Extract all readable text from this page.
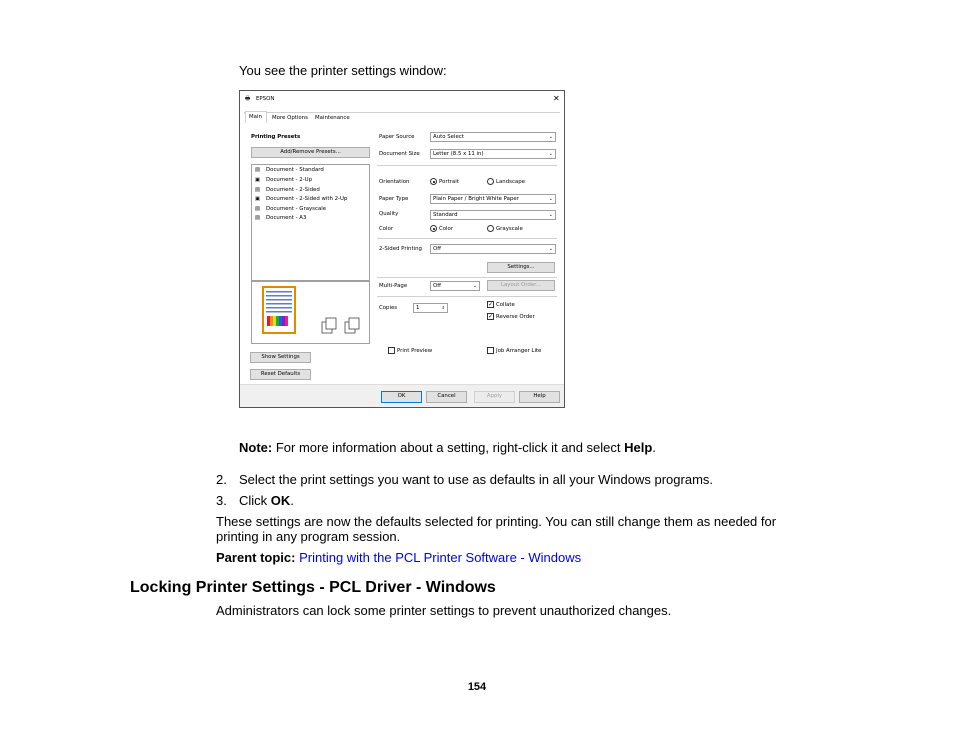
You see the printer settings window:
🖶 EPSON	✕
Main More Options Maintenance
Printing Presets
Add/Remove Presets...
▤ Document - Standard
▣ Document - 2-Up
▤ Document - 2-Sided
▣ Document - 2-Sided with 2-Up
▤ Document - Grayscale
▤ Document - A3
Show Settings
Reset Defaults
Paper Source	Auto Select	⌄
Document Size	Letter (8.5 x 11 in)	⌄
Orientation	Portrait	Landscape
Paper Type	Plain Paper / Bright White Paper	⌄
Quality	Standard	⌄
Color	Color	Grayscale
2-Sided Printing	Off	⌄
Settings...
Multi-Page	Off	⌄	Layout Order...
Copies	1	⇕	✓ Collate
✓ Reverse Order
Print Preview	Job Arranger Lite
OK	Cancel	Apply	Help
Note: For more information about a setting, right-click it and select Help.
2. Select the print settings you want to use as defaults in all your Windows programs.
3. Click OK.
These settings are now the defaults selected for printing. You can still change them as needed for
printing in any program session.
Parent topic: Printing with the PCL Printer Software - Windows
Locking Printer Settings - PCL Driver - Windows
Administrators can lock some printer settings to prevent unauthorized changes.
154
